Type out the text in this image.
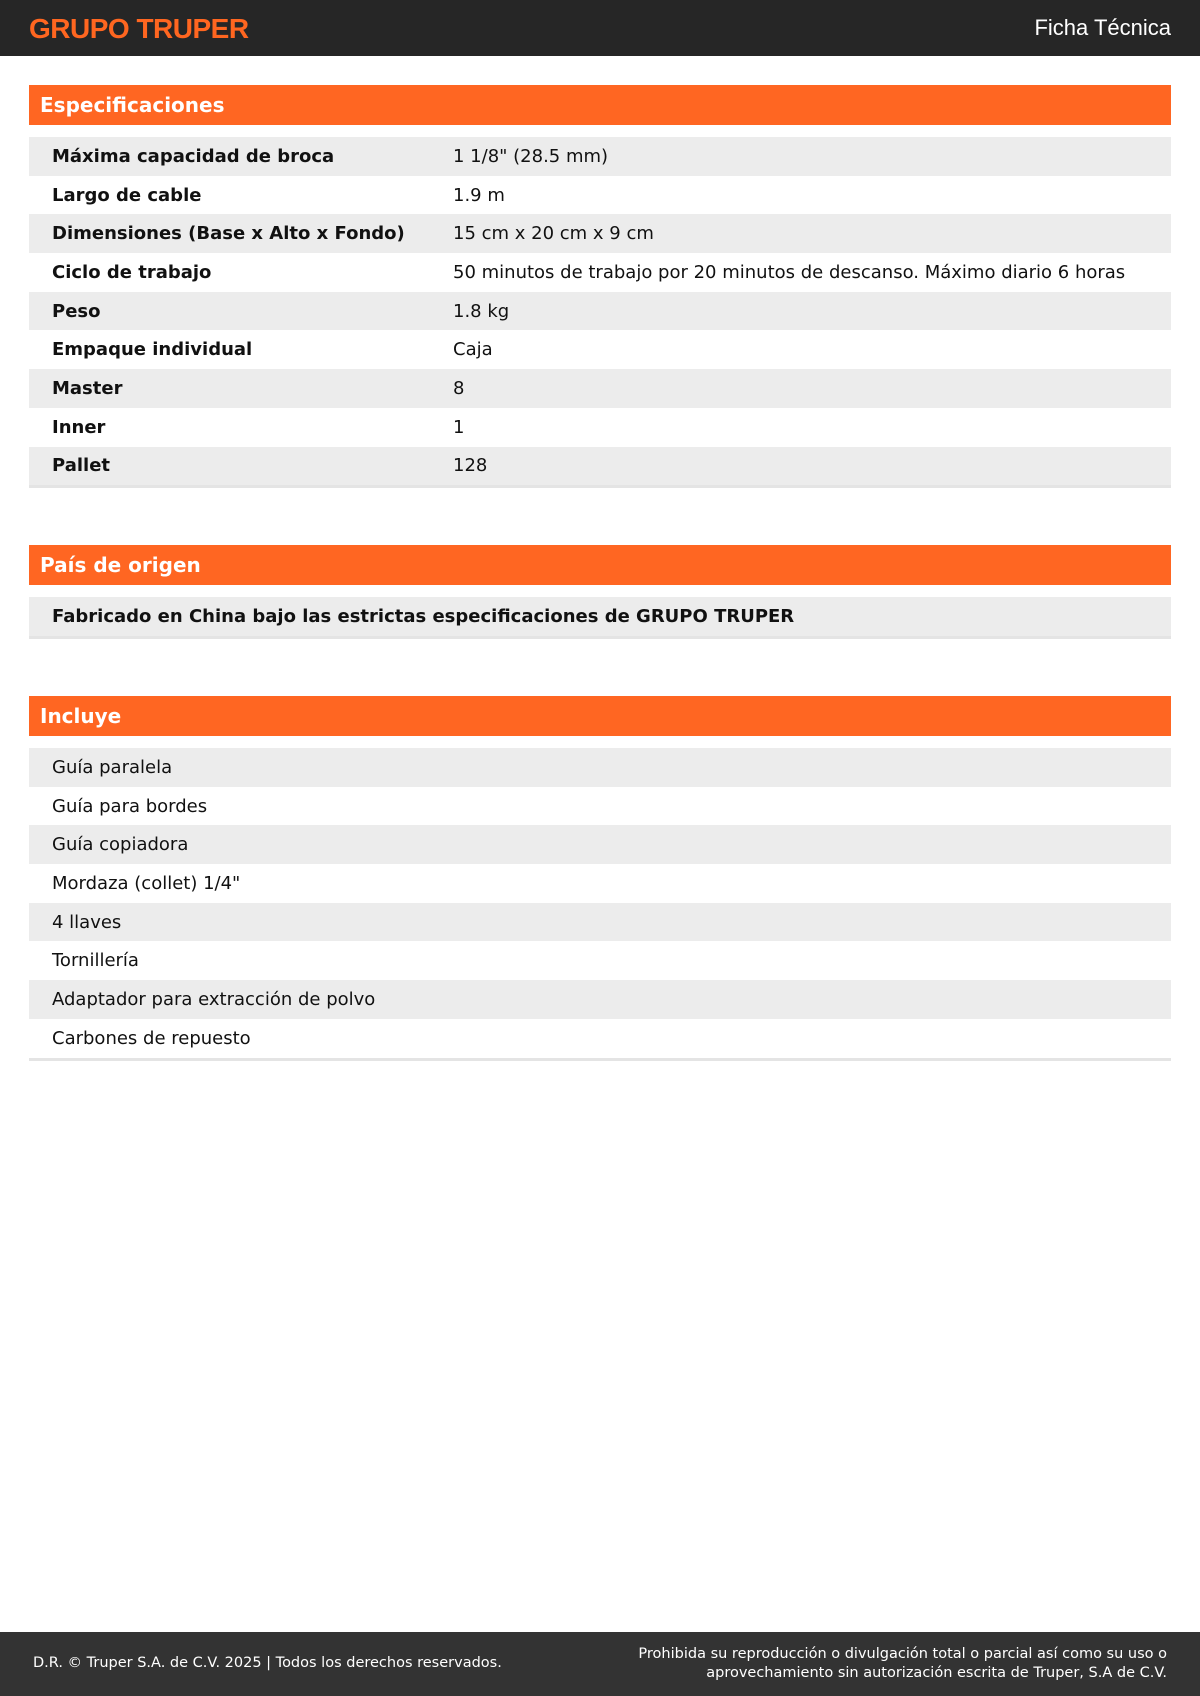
GRUPO TRUPER	Ficha Técnica
Especificaciones
Máxima capacidad de broca	1 1/8" (28.5 mm)
Largo de cable	1.9 m
Dimensiones (Base x Alto x Fondo)	15 cm x 20 cm x 9 cm
Ciclo de trabajo	50 minutos de trabajo por 20 minutos de descanso. Máximo diario 6 horas
Peso	1.8 kg
Empaque individual	Caja
Master	8
Inner	1
Pallet	128
País de origen
Fabricado en China bajo las estrictas especificaciones de GRUPO TRUPER
Incluye
Guía paralela
Guía para bordes
Guía copiadora
Mordaza (collet) 1/4"
4 llaves
Tornillería
Adaptador para extracción de polvo
Carbones de repuesto
D.R. © Truper S.A. de C.V. 2025 | Todos los derechos reservados.
Prohibida su reproducción o divulgación total o parcial así como su uso o
aprovechamiento sin autorización escrita de Truper, S.A de C.V.
